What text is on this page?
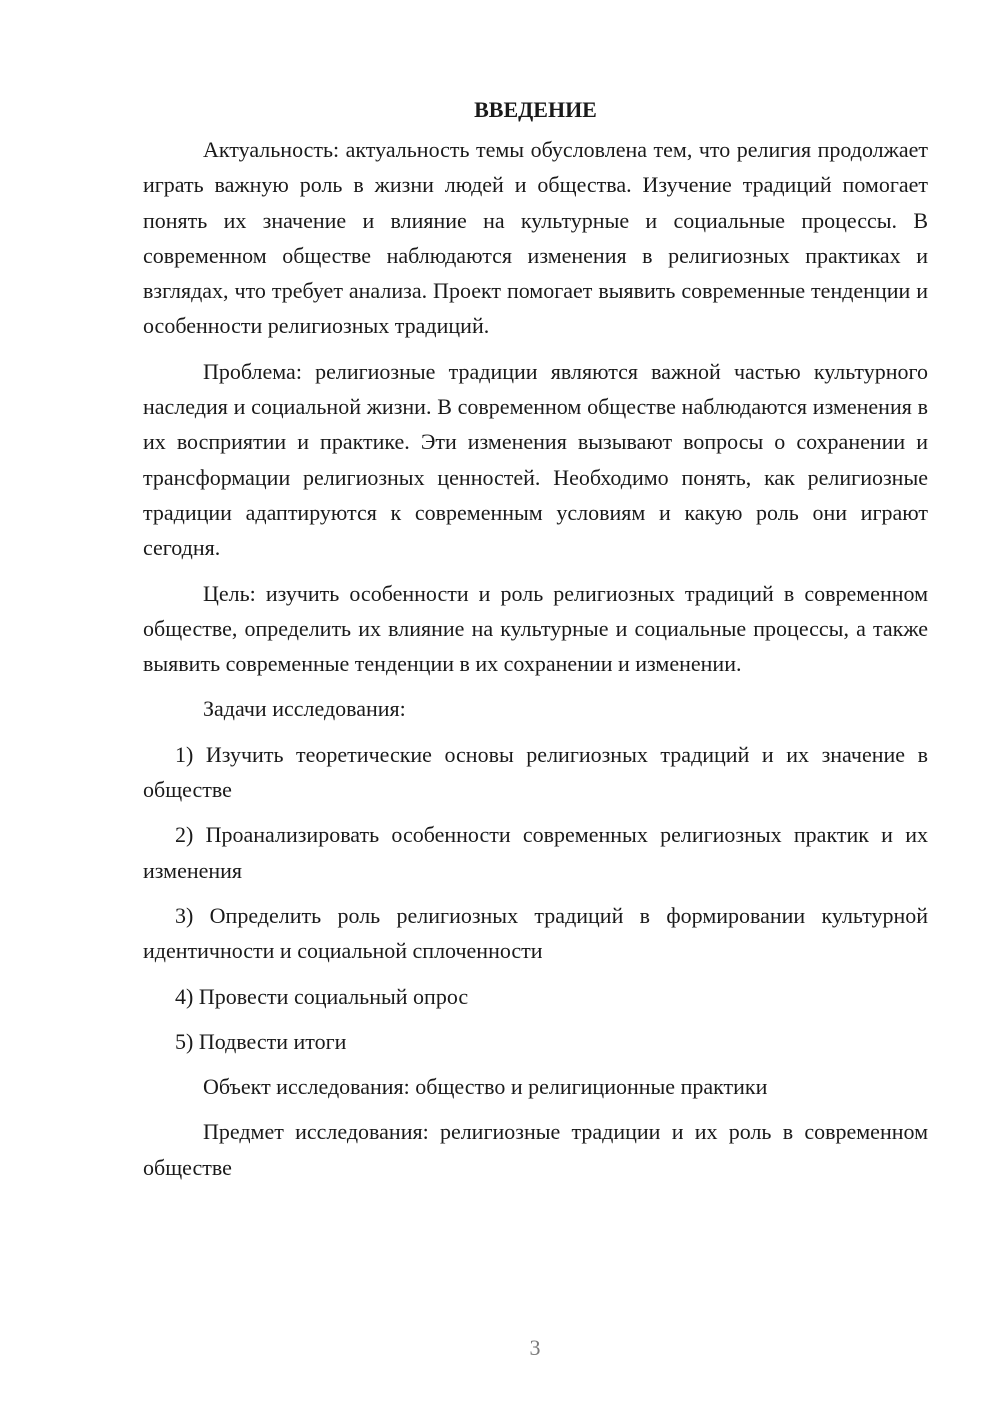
ВВЕДЕНИЕ

Актуальность: актуальность темы обусловлена тем, что религия продолжает играть важную роль в жизни людей и общества. Изучение традиций помогает понять их значение и влияние на культурные и социальные процессы. В современном обществе наблюдаются изменения в религиозных практиках и взглядах, что требует анализа. Проект помогает выявить современные тенденции и особенности религиозных традиций.

Проблема: религиозные традиции являются важной частью культурного наследия и социальной жизни. В современном обществе наблюдаются изменения в их восприятии и практике. Эти изменения вызывают вопросы о сохранении и трансформации религиозных ценностей. Необходимо понять, как религиозные традиции адаптируются к современным условиям и какую роль они играют сегодня.

Цель: изучить особенности и роль религиозных традиций в современном обществе, определить их влияние на культурные и социальные процессы, а также выявить современные тенденции в их сохранении и изменении.

Задачи исследования:

1) Изучить теоретические основы религиозных традиций и их значение в обществе

2) Проанализировать особенности современных религиозных практик и их изменения

3) Определить роль религиозных традиций в формировании культурной идентичности и социальной сплоченности

4) Провести социальный опрос

5) Подвести итоги

Объект исследования: общество и религиционные практики

Предмет исследования: религиозные традиции и их роль в современном обществе

3
